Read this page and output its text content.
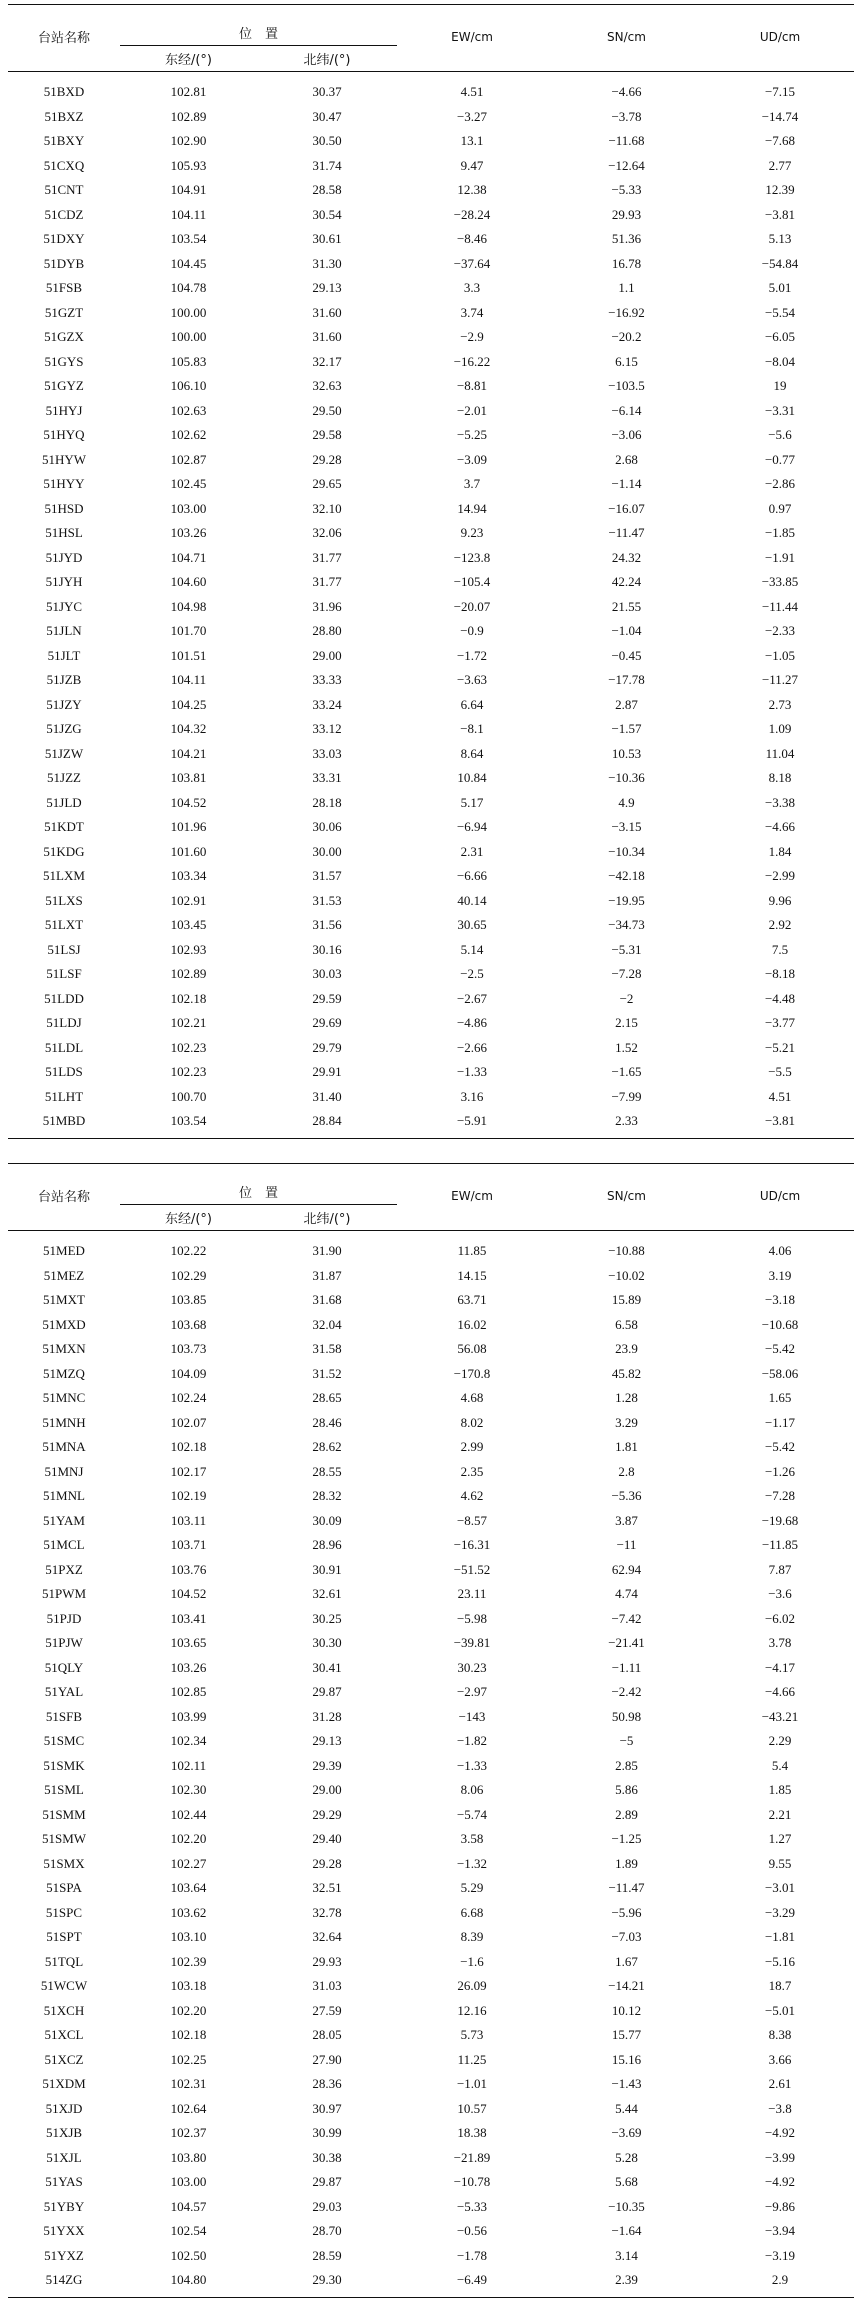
台站名称	位　置		EW/cm	SN/cm	UD/cm
	东经/(°)	北纬/(°)			
51BXD	102.81	30.37	4.51	−4.66	−7.15
51BXZ	102.89	30.47	−3.27	−3.78	−14.74
51BXY	102.90	30.50	13.1	−11.68	−7.68
51CXQ	105.93	31.74	9.47	−12.64	2.77
51CNT	104.91	28.58	12.38	−5.33	12.39
51CDZ	104.11	30.54	−28.24	29.93	−3.81
51DXY	103.54	30.61	−8.46	51.36	5.13
51DYB	104.45	31.30	−37.64	16.78	−54.84
51FSB	104.78	29.13	3.3	1.1	5.01
51GZT	100.00	31.60	3.74	−16.92	−5.54
51GZX	100.00	31.60	−2.9	−20.2	−6.05
51GYS	105.83	32.17	−16.22	6.15	−8.04
51GYZ	106.10	32.63	−8.81	−103.5	19
51HYJ	102.63	29.50	−2.01	−6.14	−3.31
51HYQ	102.62	29.58	−5.25	−3.06	−5.6
51HYW	102.87	29.28	−3.09	2.68	−0.77
51HYY	102.45	29.65	3.7	−1.14	−2.86
51HSD	103.00	32.10	14.94	−16.07	0.97
51HSL	103.26	32.06	9.23	−11.47	−1.85
51JYD	104.71	31.77	−123.8	24.32	−1.91
51JYH	104.60	31.77	−105.4	42.24	−33.85
51JYC	104.98	31.96	−20.07	21.55	−11.44
51JLN	101.70	28.80	−0.9	−1.04	−2.33
51JLT	101.51	29.00	−1.72	−0.45	−1.05
51JZB	104.11	33.33	−3.63	−17.78	−11.27
51JZY	104.25	33.24	6.64	2.87	2.73
51JZG	104.32	33.12	−8.1	−1.57	1.09
51JZW	104.21	33.03	8.64	10.53	11.04
51JZZ	103.81	33.31	10.84	−10.36	8.18
51JLD	104.52	28.18	5.17	4.9	−3.38
51KDT	101.96	30.06	−6.94	−3.15	−4.66
51KDG	101.60	30.00	2.31	−10.34	1.84
51LXM	103.34	31.57	−6.66	−42.18	−2.99
51LXS	102.91	31.53	40.14	−19.95	9.96
51LXT	103.45	31.56	30.65	−34.73	2.92
51LSJ	102.93	30.16	5.14	−5.31	7.5
51LSF	102.89	30.03	−2.5	−7.28	−8.18
51LDD	102.18	29.59	−2.67	−2	−4.48
51LDJ	102.21	29.69	−4.86	2.15	−3.77
51LDL	102.23	29.79	−2.66	1.52	−5.21
51LDS	102.23	29.91	−1.33	−1.65	−5.5
51LHT	100.70	31.40	3.16	−7.99	4.51
51MBD	103.54	28.84	−5.91	2.33	−3.81
台站名称	位　置		EW/cm	SN/cm	UD/cm
	东经/(°)	北纬/(°)			
51MED	102.22	31.90	11.85	−10.88	4.06
51MEZ	102.29	31.87	14.15	−10.02	3.19
51MXT	103.85	31.68	63.71	15.89	−3.18
51MXD	103.68	32.04	16.02	6.58	−10.68
51MXN	103.73	31.58	56.08	23.9	−5.42
51MZQ	104.09	31.52	−170.8	45.82	−58.06
51MNC	102.24	28.65	4.68	1.28	1.65
51MNH	102.07	28.46	8.02	3.29	−1.17
51MNA	102.18	28.62	2.99	1.81	−5.42
51MNJ	102.17	28.55	2.35	2.8	−1.26
51MNL	102.19	28.32	4.62	−5.36	−7.28
51YAM	103.11	30.09	−8.57	3.87	−19.68
51MCL	103.71	28.96	−16.31	−11	−11.85
51PXZ	103.76	30.91	−51.52	62.94	7.87
51PWM	104.52	32.61	23.11	4.74	−3.6
51PJD	103.41	30.25	−5.98	−7.42	−6.02
51PJW	103.65	30.30	−39.81	−21.41	3.78
51QLY	103.26	30.41	30.23	−1.11	−4.17
51YAL	102.85	29.87	−2.97	−2.42	−4.66
51SFB	103.99	31.28	−143	50.98	−43.21
51SMC	102.34	29.13	−1.82	−5	2.29
51SMK	102.11	29.39	−1.33	2.85	5.4
51SML	102.30	29.00	8.06	5.86	1.85
51SMM	102.44	29.29	−5.74	2.89	2.21
51SMW	102.20	29.40	3.58	−1.25	1.27
51SMX	102.27	29.28	−1.32	1.89	9.55
51SPA	103.64	32.51	5.29	−11.47	−3.01
51SPC	103.62	32.78	6.68	−5.96	−3.29
51SPT	103.10	32.64	8.39	−7.03	−1.81
51TQL	102.39	29.93	−1.6	1.67	−5.16
51WCW	103.18	31.03	26.09	−14.21	18.7
51XCH	102.20	27.59	12.16	10.12	−5.01
51XCL	102.18	28.05	5.73	15.77	8.38
51XCZ	102.25	27.90	11.25	15.16	3.66
51XDM	102.31	28.36	−1.01	−1.43	2.61
51XJD	102.64	30.97	10.57	5.44	−3.8
51XJB	102.37	30.99	18.38	−3.69	−4.92
51XJL	103.80	30.38	−21.89	5.28	−3.99
51YAS	103.00	29.87	−10.78	5.68	−4.92
51YBY	104.57	29.03	−5.33	−10.35	−9.86
51YXX	102.54	28.70	−0.56	−1.64	−3.94
51YXZ	102.50	28.59	−1.78	3.14	−3.19
514ZG	104.80	29.30	−6.49	2.39	2.9
